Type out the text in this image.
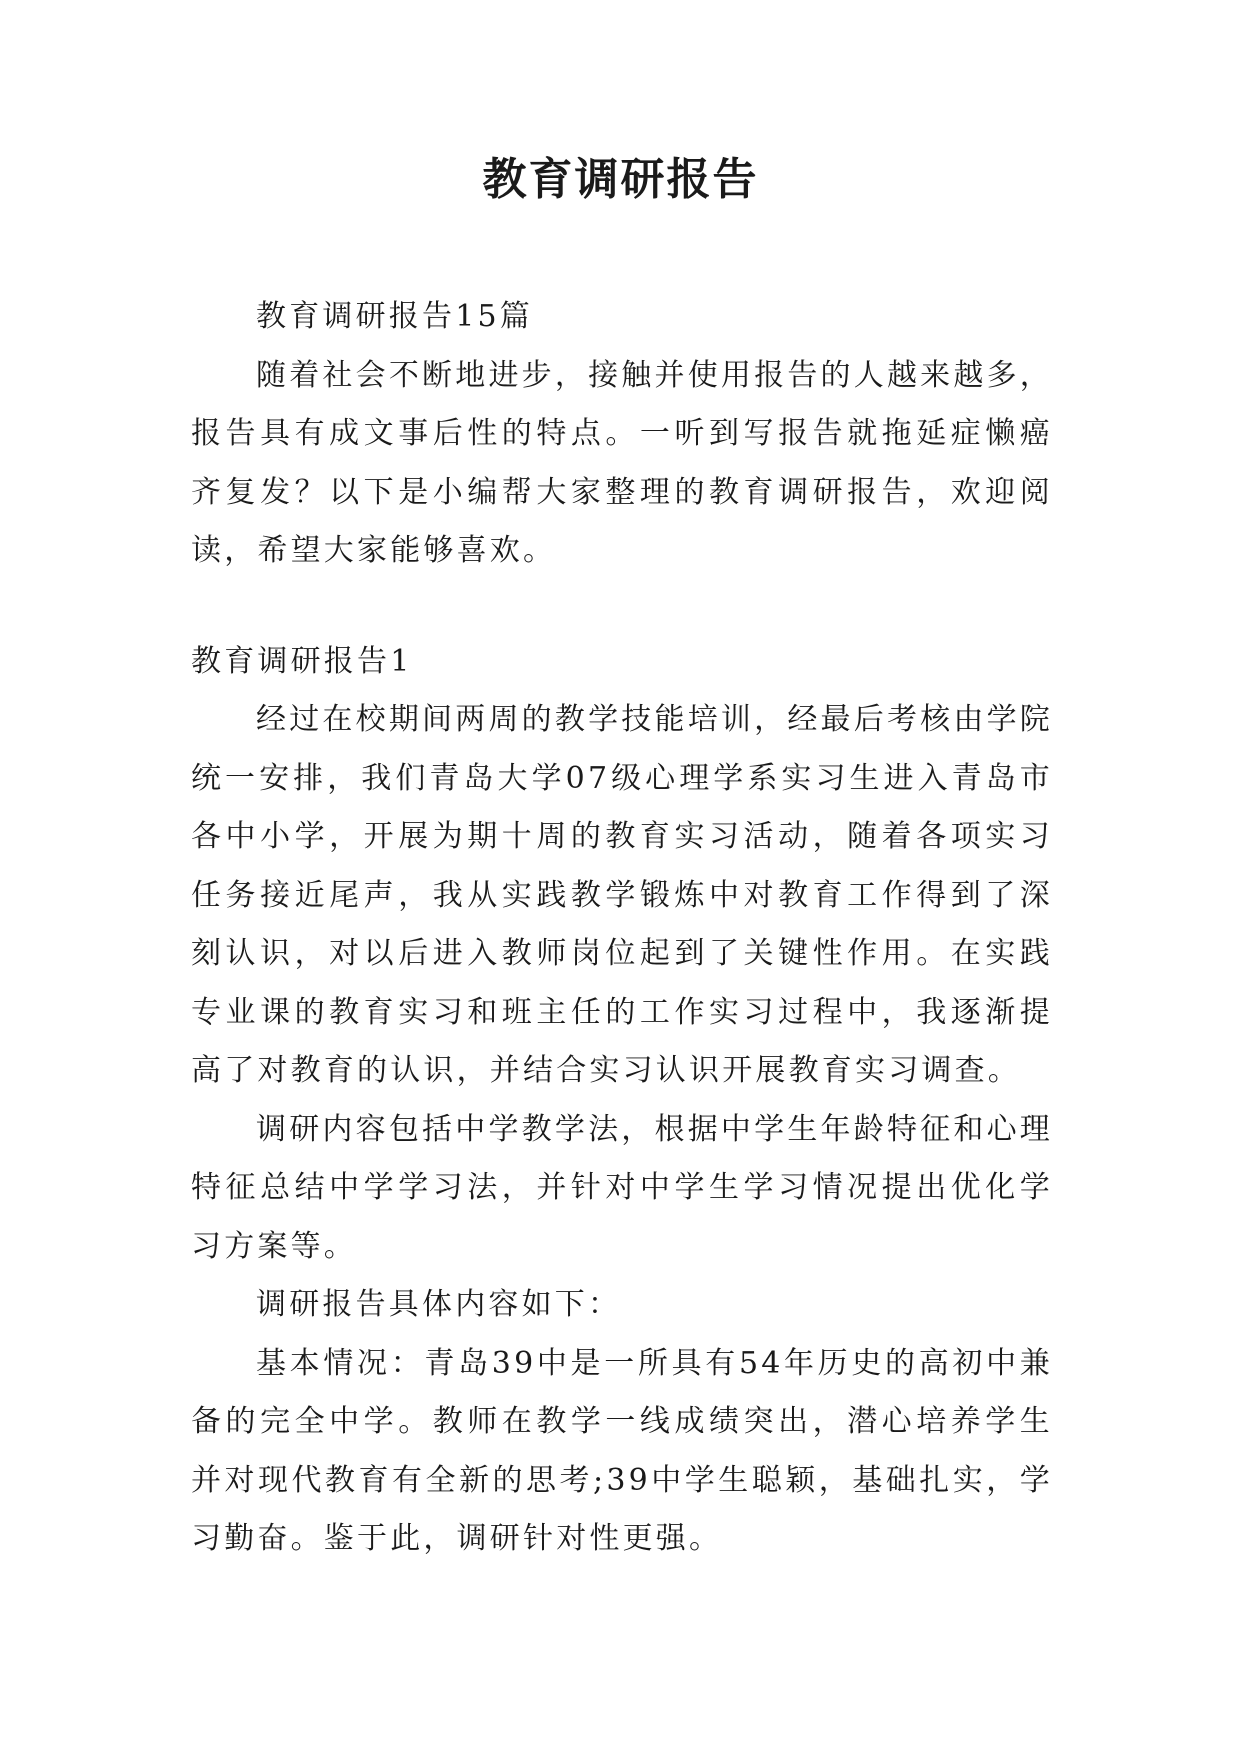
教育调研报告

教育调研报告15篇

随着社会不断地进步，接触并使用报告的人越来越多，报告具有成文事后性的特点。一听到写报告就拖延症懒癌齐复发？以下是小编帮大家整理的教育调研报告，欢迎阅读，希望大家能够喜欢。

教育调研报告1

经过在校期间两周的教学技能培训，经最后考核由学院统一安排，我们青岛大学07级心理学系实习生进入青岛市各中小学，开展为期十周的教育实习活动，随着各项实习任务接近尾声，我从实践教学锻炼中对教育工作得到了深刻认识，对以后进入教师岗位起到了关键性作用。在实践专业课的教育实习和班主任的工作实习过程中，我逐渐提高了对教育的认识，并结合实习认识开展教育实习调查。

调研内容包括中学教学法，根据中学生年龄特征和心理特征总结中学学习法，并针对中学生学习情况提出优化学习方案等。

调研报告具体内容如下：

基本情况：青岛39中是一所具有54年历史的高初中兼备的完全中学。教师在教学一线成绩突出，潜心培养学生并对现代教育有全新的思考;39中学生聪颖，基础扎实，学习勤奋。鉴于此，调研针对性更强。
